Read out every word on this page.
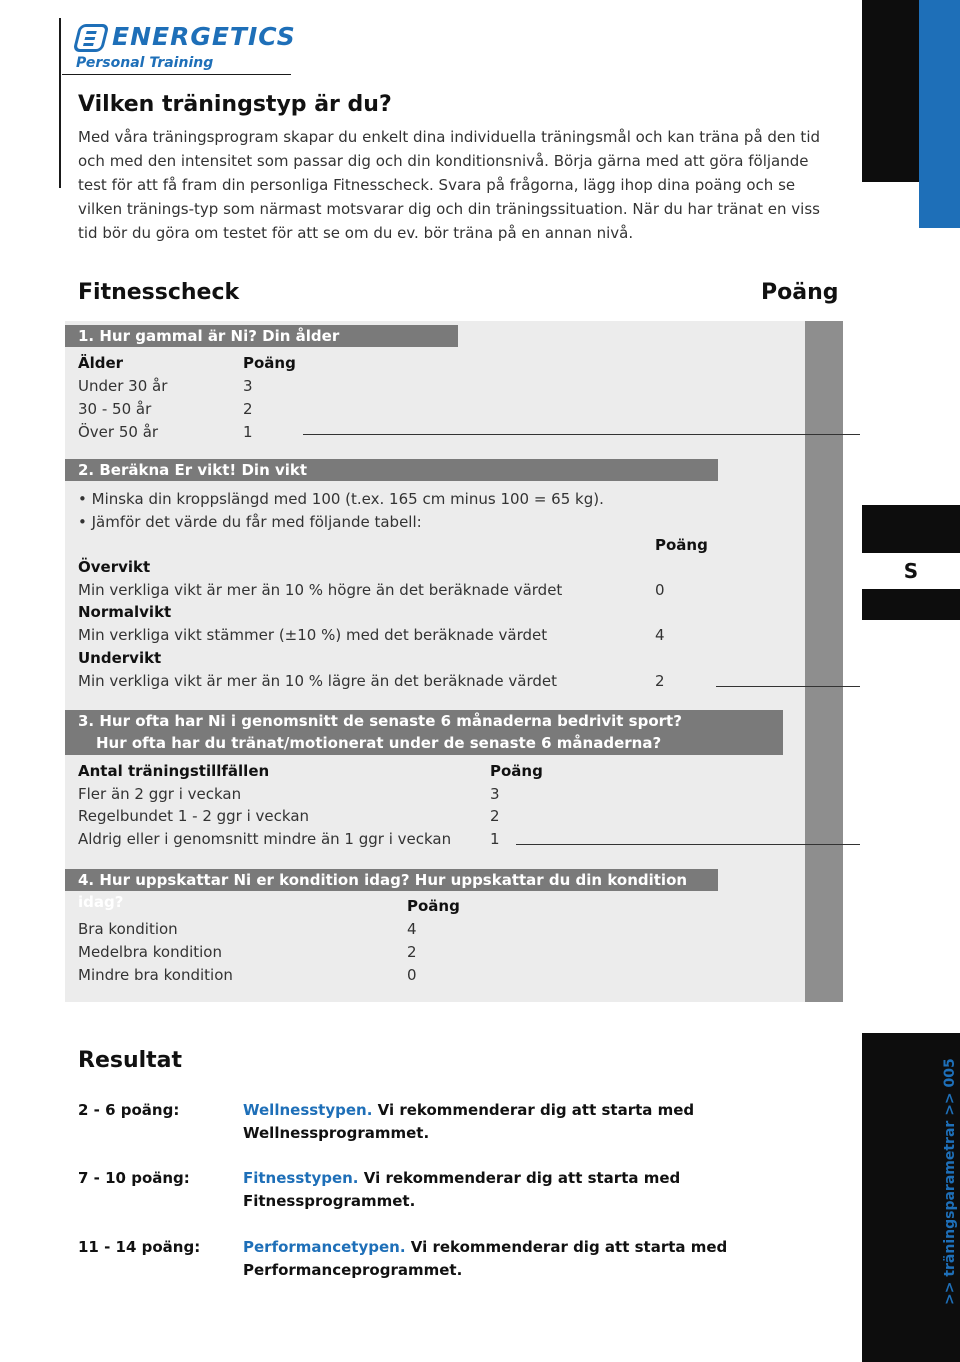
ENERGETICS
Personal Training
Vilken träningstyp är du?
Med våra träningsprogram skapar du enkelt dina individuella träningsmål och kan träna på den tid och med den intensitet som passar dig och din konditionsnivå. Börja gärna med att göra följande test för att få fram din personliga Fitnesscheck. Svara på frågorna, lägg ihop dina poäng och se vilken tränings-typ som närmast motsvarar dig och din träningssituation. När du har tränat en viss tid bör du göra om testet för att se om du ev. bör träna på en annan nivå.
S
>> träningsparametrar >> 005
Fitnesscheck	Poäng
1. Hur gammal är Ni? Din ålder
Älder	Poäng
Under 30 år	3
30 - 50 år	2
Över 50 år	1
2. Beräkna Er vikt! Din vikt
• Minska din kroppslängd med 100 (t.ex. 165 cm minus 100 = 65 kg).
• Jämför det värde du får med följande tabell:
Poäng
Övervikt
Min verkliga vikt är mer än 10 % högre än det beräknade värdet	0
Normalvikt
Min verkliga vikt stämmer (±10 %) med det beräknade värdet	4
Undervikt
Min verkliga vikt är mer än 10 % lägre än det beräknade värdet	2
3. Hur ofta har Ni i genomsnitt de senaste 6 månaderna bedrivit sport?
Hur ofta har du tränat/motionerat under de senaste 6 månaderna?
Antal träningstillfällen	Poäng
Fler än 2 ggr i veckan	3
Regelbundet 1 - 2 ggr i veckan	2
Aldrig eller i genomsnitt mindre än 1 ggr i veckan	1
4. Hur uppskattar Ni er kondition idag? Hur uppskattar du din kondition idag?	Poäng
Bra kondition	4
Medelbra kondition	2
Mindre bra kondition	0
Resultat
2 - 6 poäng:	Wellnesstypen. Vi rekommenderar dig att starta med Wellnessprogrammet.
7 - 10 poäng:	Fitnesstypen. Vi rekommenderar dig att starta med Fitnessprogrammet.
11 - 14 poäng:	Performancetypen. Vi rekommenderar dig att starta med Performanceprogrammet.
